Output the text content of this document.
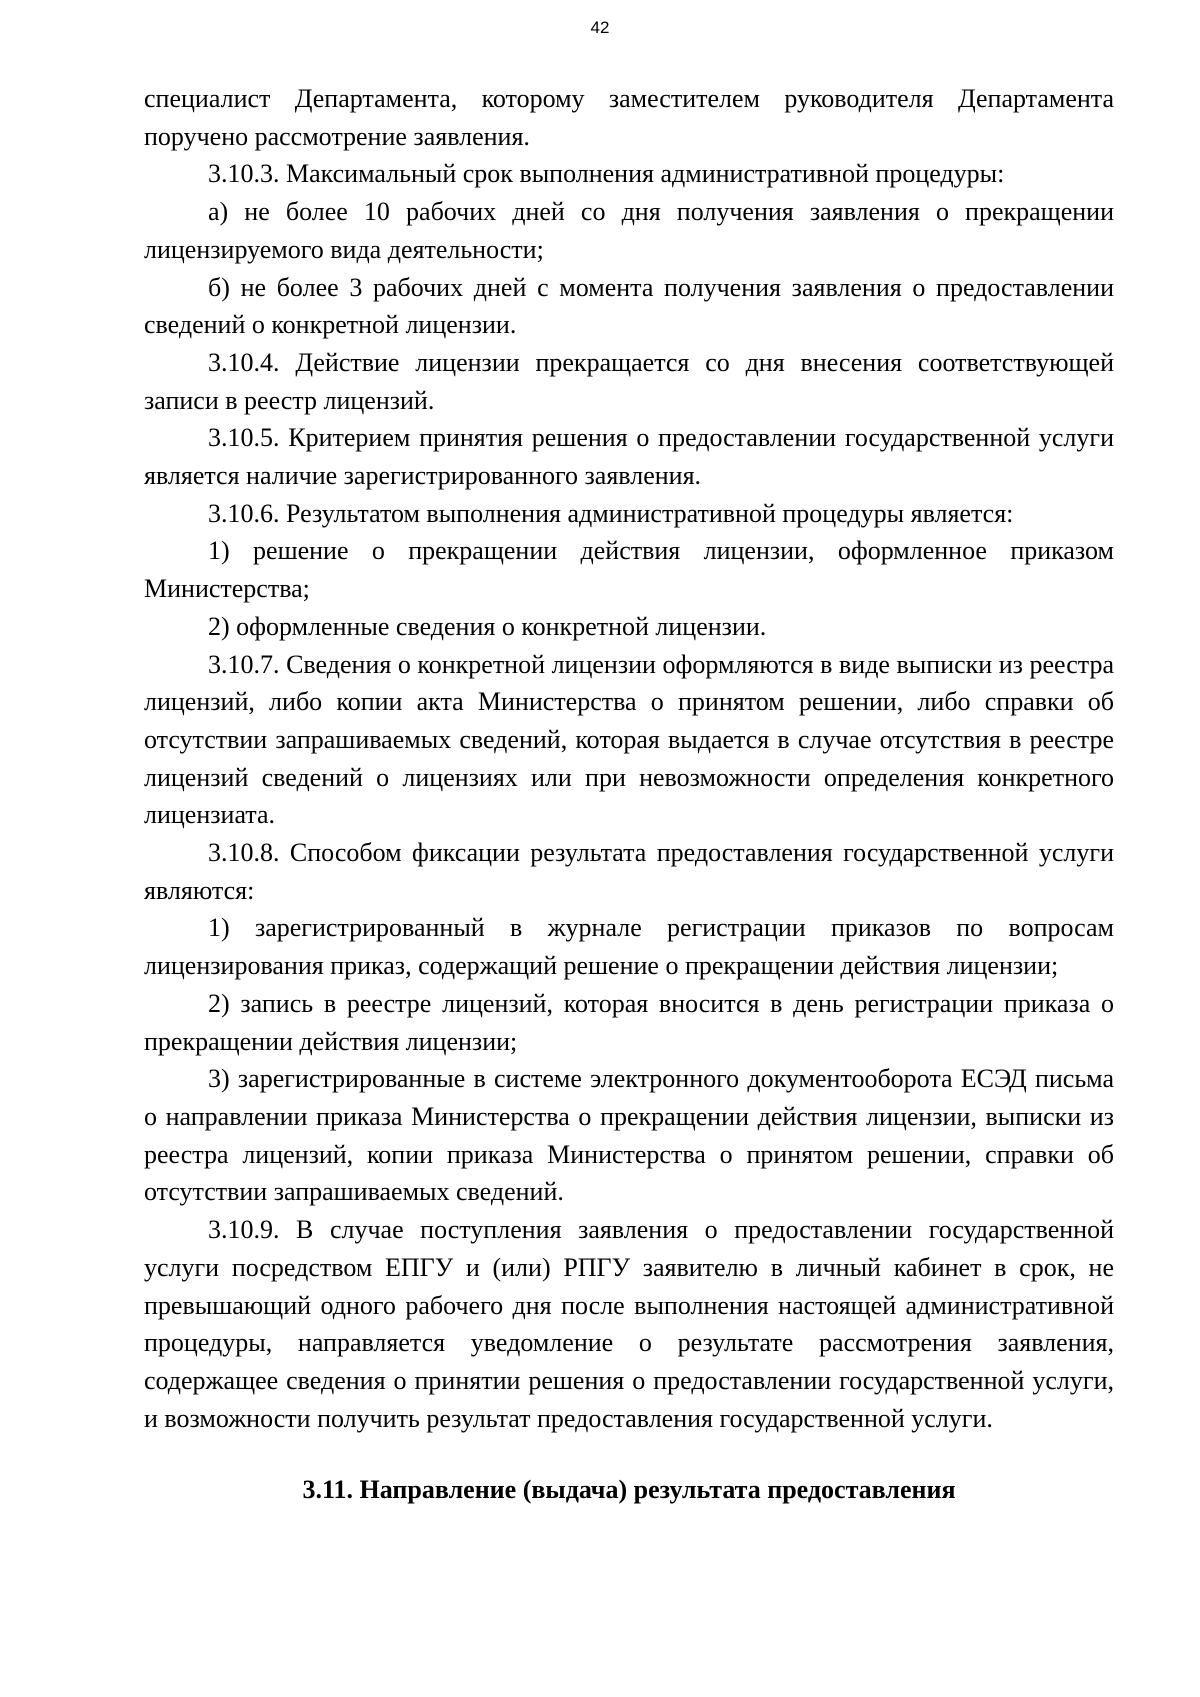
42

специалист Департамента, которому заместителем руководителя Департамента поручено рассмотрение заявления.

3.10.3. Максимальный срок выполнения административной процедуры:

а) не более 10 рабочих дней со дня получения заявления о прекращении лицензируемого вида деятельности;

б) не более 3 рабочих дней с момента получения заявления о предоставлении сведений о конкретной лицензии.

3.10.4. Действие лицензии прекращается со дня внесения соответствующей записи в реестр лицензий.

3.10.5. Критерием принятия решения о предоставлении государственной услуги является наличие зарегистрированного заявления.

3.10.6. Результатом выполнения административной процедуры является:

1) решение о прекращении действия лицензии, оформленное приказом Министерства;

2) оформленные сведения о конкретной лицензии.

3.10.7. Сведения о конкретной лицензии оформляются в виде выписки из реестра лицензий, либо копии акта Министерства о принятом решении, либо справки об отсутствии запрашиваемых сведений, которая выдается в случае отсутствия в реестре лицензий сведений о лицензиях или при невозможности определения конкретного лицензиата.

3.10.8. Способом фиксации результата предоставления государственной услуги являются:

1) зарегистрированный в журнале регистрации приказов по вопросам лицензирования приказ, содержащий решение о прекращении действия лицензии;

2) запись в реестре лицензий, которая вносится в день регистрации приказа о прекращении действия лицензии;

3) зарегистрированные в системе электронного документооборота ЕСЭД письма о направлении приказа Министерства о прекращении действия лицензии, выписки из реестра лицензий, копии приказа Министерства о принятом решении, справки об отсутствии запрашиваемых сведений.

3.10.9. В случае поступления заявления о предоставлении государственной услуги посредством ЕПГУ и (или) РПГУ заявителю в личный кабинет в срок, не превышающий одного рабочего дня после выполнения настоящей административной процедуры, направляется уведомление о результате рассмотрения заявления, содержащее сведения о принятии решения о предоставлении государственной услуги, и возможности получить результат предоставления государственной услуги.

3.11. Направление (выдача) результата предоставления
